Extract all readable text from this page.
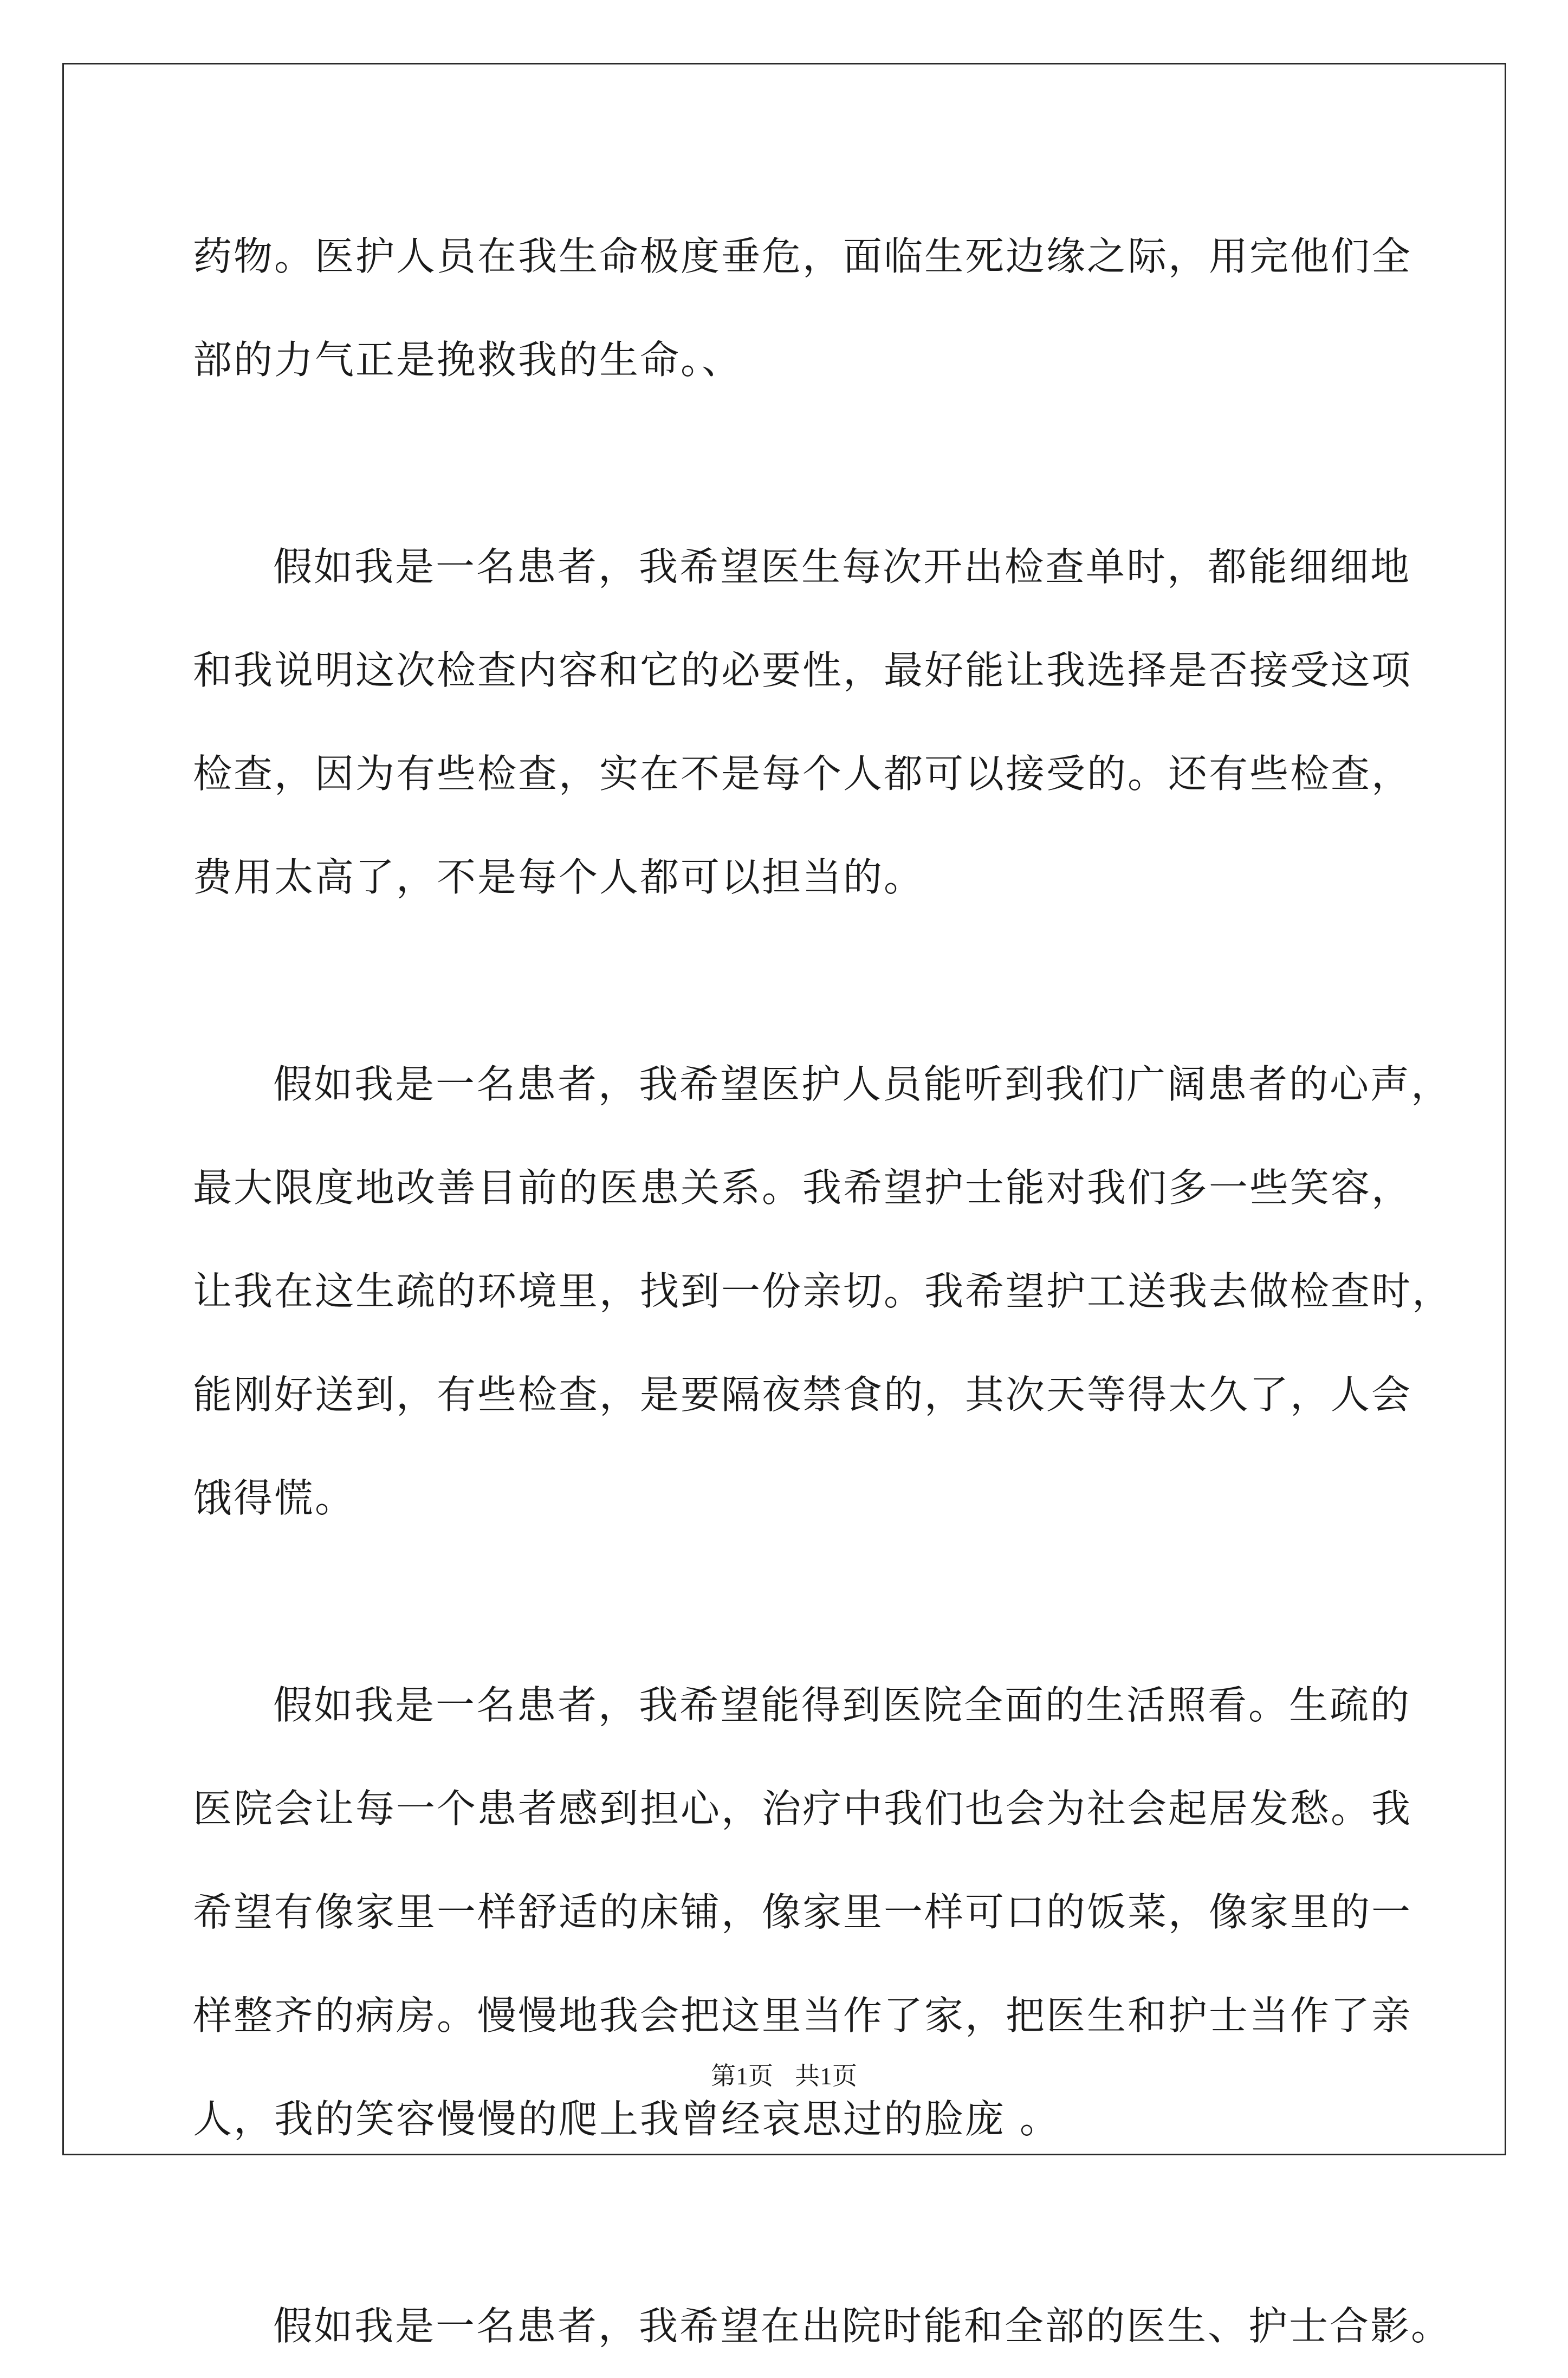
药物。医护人员在我生命极度垂危，面临生死边缘之际，用完他们全
部的力气正是挽救我的生命。、
假如我是一名患者，我希望医生每次开出检查单时，都能细细地
和我说明这次检查内容和它的必要性，最好能让我选择是否接受这项
检查，因为有些检查，实在不是每个人都可以接受的。还有些检查，
费用太高了，不是每个人都可以担当的。
假如我是一名患者，我希望医护人员能听到我们广阔患者的心声，
最大限度地改善目前的医患关系。我希望护士能对我们多一些笑容，
让我在这生疏的环境里，找到一份亲切。我希望护工送我去做检查时，
能刚好送到，有些检查，是要隔夜禁食的，其次天等得太久了，人会
饿得慌。
假如我是一名患者，我希望能得到医院全面的生活照看。生疏的
医院会让每一个患者感到担心，治疗中我们也会为社会起居发愁。我
希望有像家里一样舒适的床铺，像家里一样可口的饭菜，像家里的一
样整齐的病房。慢慢地我会把这里当作了家，把医生和护士当作了亲
人，我的笑容慢慢的爬上我曾经哀思过的脸庞 。
假如我是一名患者，我希望在出院时能和全部的医生、护士合影。
第1页 共1页
